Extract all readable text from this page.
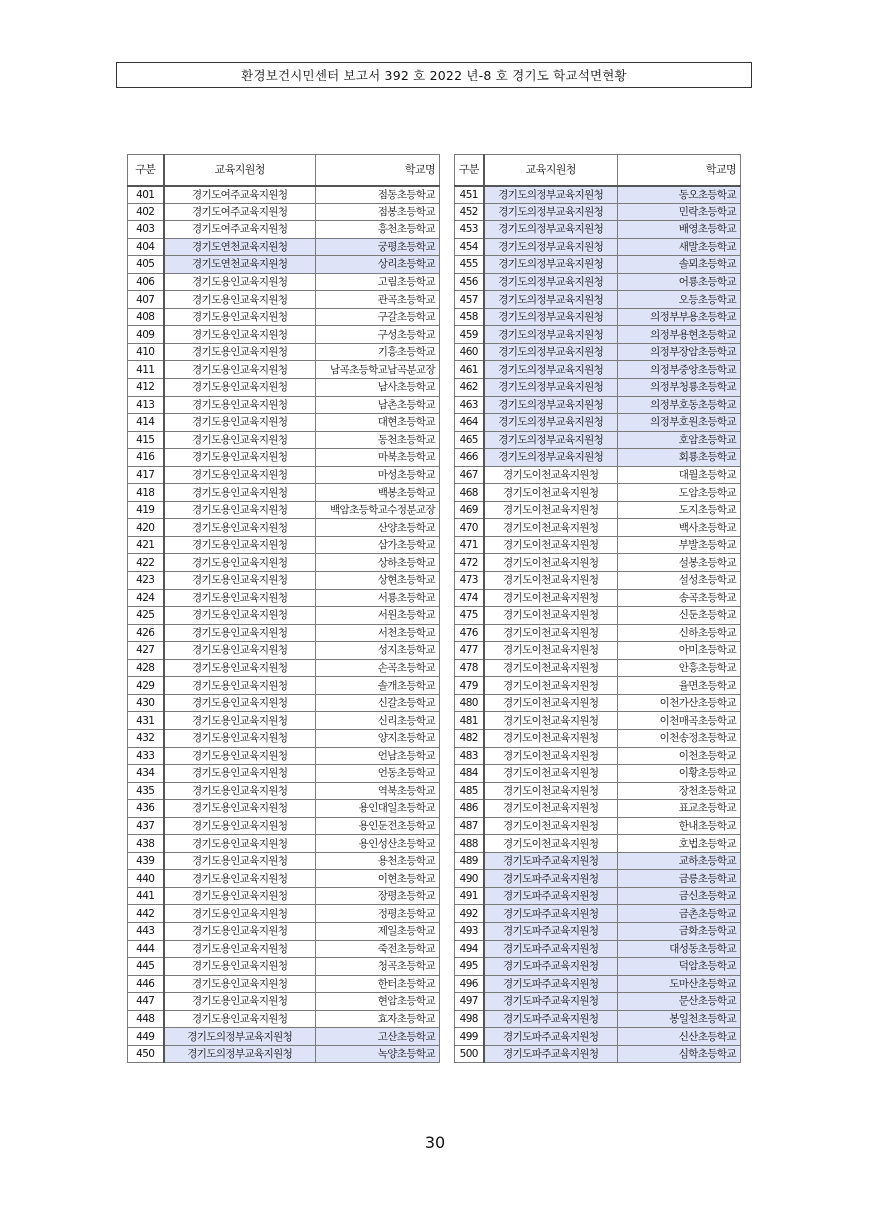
환경보건시민센터 보고서 392 호 2022 년-8 호 경기도 학교석면현황
구분	교육지원청	학교명
401	경기도여주교육지원청	점동초등학교
402	경기도여주교육지원청	점봉초등학교
403	경기도여주교육지원청	흥천초등학교
404	경기도연천교육지원청	궁평초등학교
405	경기도연천교육지원청	상리초등학교
406	경기도용인교육지원청	고림초등학교
407	경기도용인교육지원청	관곡초등학교
408	경기도용인교육지원청	구갈초등학교
409	경기도용인교육지원청	구성초등학교
410	경기도용인교육지원청	기흥초등학교
411	경기도용인교육지원청	남곡초등학교남곡분교장
412	경기도용인교육지원청	남사초등학교
413	경기도용인교육지원청	남촌초등학교
414	경기도용인교육지원청	대현초등학교
415	경기도용인교육지원청	동천초등학교
416	경기도용인교육지원청	마북초등학교
417	경기도용인교육지원청	마성초등학교
418	경기도용인교육지원청	백봉초등학교
419	경기도용인교육지원청	백암초등학교수정분교장
420	경기도용인교육지원청	산양초등학교
421	경기도용인교육지원청	삼가초등학교
422	경기도용인교육지원청	상하초등학교
423	경기도용인교육지원청	상현초등학교
424	경기도용인교육지원청	서룡초등학교
425	경기도용인교육지원청	서원초등학교
426	경기도용인교육지원청	서천초등학교
427	경기도용인교육지원청	성지초등학교
428	경기도용인교육지원청	손곡초등학교
429	경기도용인교육지원청	솔개초등학교
430	경기도용인교육지원청	신갈초등학교
431	경기도용인교육지원청	신리초등학교
432	경기도용인교육지원청	양지초등학교
433	경기도용인교육지원청	언남초등학교
434	경기도용인교육지원청	언동초등학교
435	경기도용인교육지원청	역북초등학교
436	경기도용인교육지원청	용인대일초등학교
437	경기도용인교육지원청	용인둔전초등학교
438	경기도용인교육지원청	용인성산초등학교
439	경기도용인교육지원청	용천초등학교
440	경기도용인교육지원청	이현초등학교
441	경기도용인교육지원청	장평초등학교
442	경기도용인교육지원청	정평초등학교
443	경기도용인교육지원청	제일초등학교
444	경기도용인교육지원청	죽전초등학교
445	경기도용인교육지원청	청곡초등학교
446	경기도용인교육지원청	한터초등학교
447	경기도용인교육지원청	현암초등학교
448	경기도용인교육지원청	효자초등학교
449	경기도의정부교육지원청	고산초등학교
450	경기도의정부교육지원청	녹양초등학교
구분	교육지원청	학교명
451	경기도의정부교육지원청	동오초등학교
452	경기도의정부교육지원청	민락초등학교
453	경기도의정부교육지원청	배영초등학교
454	경기도의정부교육지원청	새말초등학교
455	경기도의정부교육지원청	솔뫼초등학교
456	경기도의정부교육지원청	어룡초등학교
457	경기도의정부교육지원청	오등초등학교
458	경기도의정부교육지원청	의정부부용초등학교
459	경기도의정부교육지원청	의정부용현초등학교
460	경기도의정부교육지원청	의정부장암초등학교
461	경기도의정부교육지원청	의정부중앙초등학교
462	경기도의정부교육지원청	의정부청룡초등학교
463	경기도의정부교육지원청	의정부호동초등학교
464	경기도의정부교육지원청	의정부호원초등학교
465	경기도의정부교육지원청	호암초등학교
466	경기도의정부교육지원청	회룡초등학교
467	경기도이천교육지원청	대월초등학교
468	경기도이천교육지원청	도암초등학교
469	경기도이천교육지원청	도지초등학교
470	경기도이천교육지원청	백사초등학교
471	경기도이천교육지원청	부발초등학교
472	경기도이천교육지원청	설봉초등학교
473	경기도이천교육지원청	설성초등학교
474	경기도이천교육지원청	송곡초등학교
475	경기도이천교육지원청	신둔초등학교
476	경기도이천교육지원청	신하초등학교
477	경기도이천교육지원청	아미초등학교
478	경기도이천교육지원청	안흥초등학교
479	경기도이천교육지원청	율면초등학교
480	경기도이천교육지원청	이천가산초등학교
481	경기도이천교육지원청	이천매곡초등학교
482	경기도이천교육지원청	이천송정초등학교
483	경기도이천교육지원청	이천초등학교
484	경기도이천교육지원청	이황초등학교
485	경기도이천교육지원청	장천초등학교
486	경기도이천교육지원청	표교초등학교
487	경기도이천교육지원청	한내초등학교
488	경기도이천교육지원청	호법초등학교
489	경기도파주교육지원청	교하초등학교
490	경기도파주교육지원청	금릉초등학교
491	경기도파주교육지원청	금신초등학교
492	경기도파주교육지원청	금촌초등학교
493	경기도파주교육지원청	금화초등학교
494	경기도파주교육지원청	대성동초등학교
495	경기도파주교육지원청	덕암초등학교
496	경기도파주교육지원청	도마산초등학교
497	경기도파주교육지원청	문산초등학교
498	경기도파주교육지원청	봉일천초등학교
499	경기도파주교육지원청	신산초등학교
500	경기도파주교육지원청	심학초등학교
30
